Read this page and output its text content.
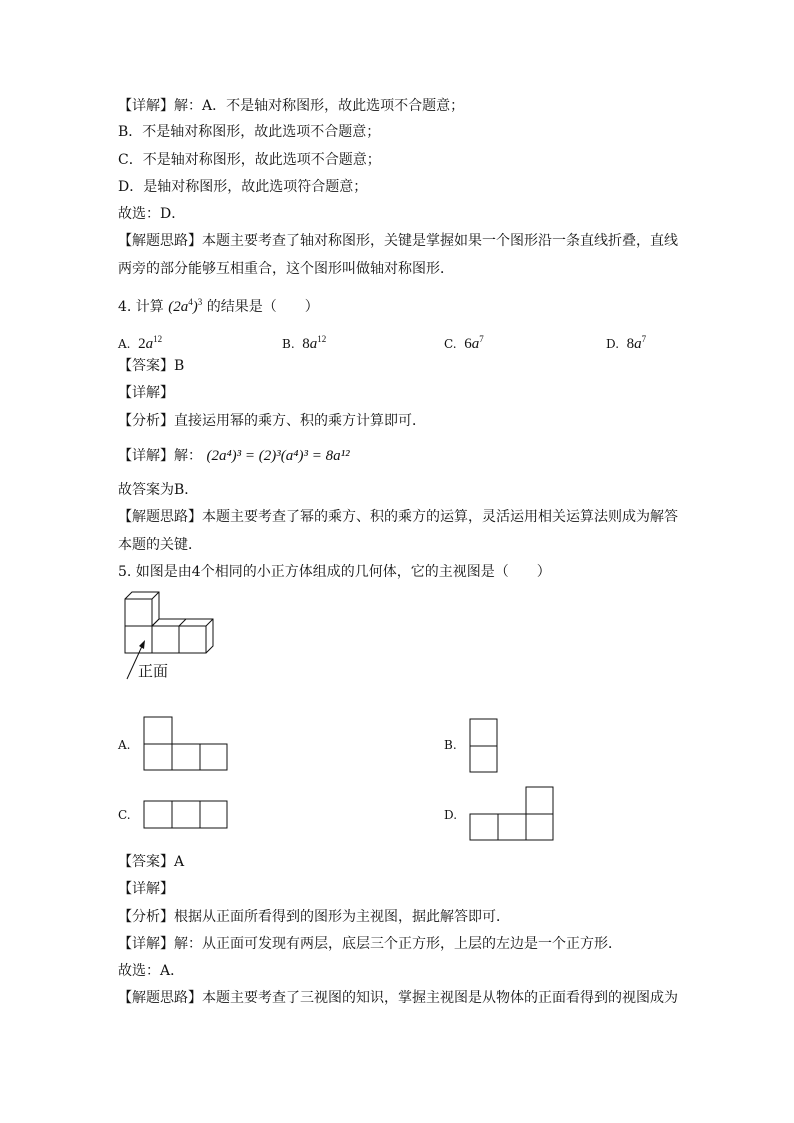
【详解】解：A．不是轴对称图形，故此选项不合题意；
B．不是轴对称图形，故此选项不合题意；
C．不是轴对称图形，故此选项不合题意；
D．是轴对称图形，故此选项符合题意；
故选：D．
【解题思路】本题主要考查了轴对称图形，关键是掌握如果一个图形沿一条直线折叠，直线
两旁的部分能够互相重合，这个图形叫做轴对称图形．
4. 计算 $(2a^4)^3$ 的结果是（　　）
A. $2a^{12}$	B. $8a^{12}$	C. $6a^7$	D. $8a^7$
【答案】B
【详解】
【分析】直接运用幂的乘方、积的乘方计算即可．
【详解】解： (2a⁴)³ = (2)³(a⁴)³ = 8a¹²
故答案为B．
【解题思路】本题主要考查了幂的乘方、积的乘方的运算，灵活运用相关运算法则成为解答
本题的关键．
5. 如图是由4个相同的小正方体组成的几何体，它的主视图是（　　）
正面
A.	B.
C.	D.
【答案】A
【详解】
【分析】根据从正面所看得到的图形为主视图，据此解答即可．
【详解】解：从正面可发现有两层，底层三个正方形，上层的左边是一个正方形．
故选：A．
【解题思路】本题主要考查了三视图的知识，掌握主视图是从物体的正面看得到的视图成为
